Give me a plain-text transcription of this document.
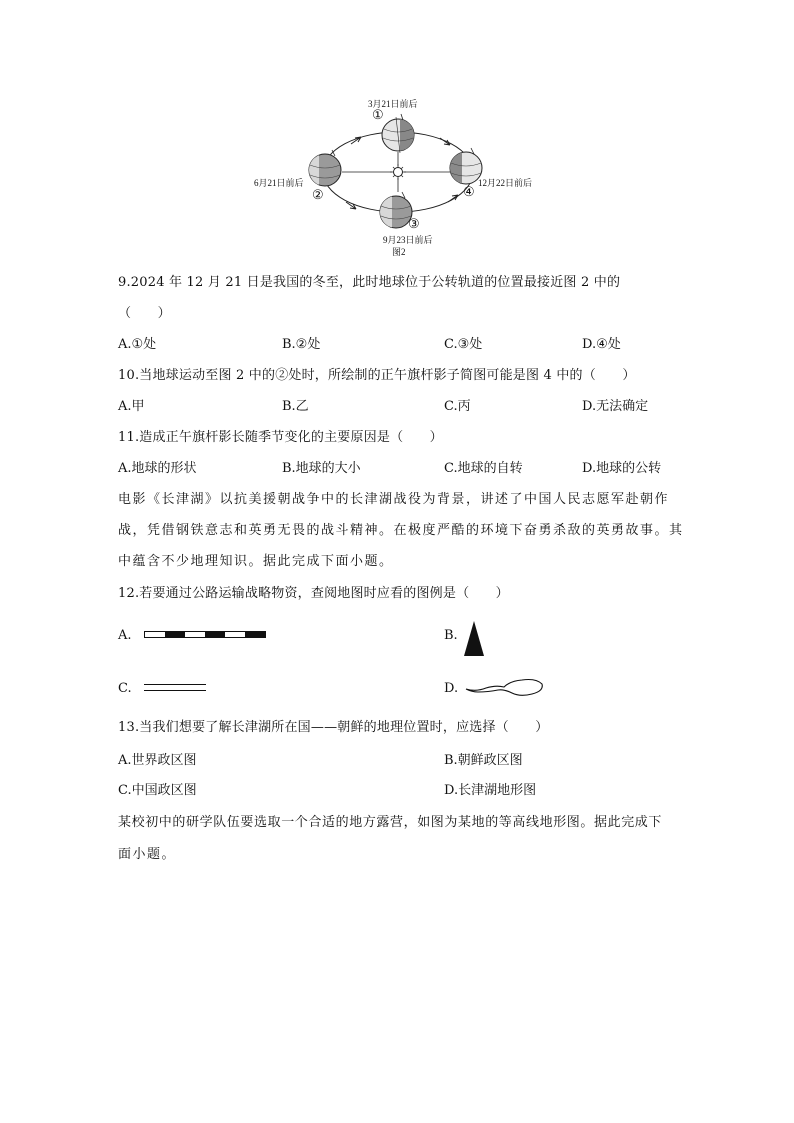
3月21日前后
①
6月21日前后
②
12月22日前后
④
③
9月23日前后
图2
9.2024 年 12 月 21 日是我国的冬至，此时地球位于公转轨道的位置最接近图 2 中的
（　　）
A.①处	B.②处	C.③处	D.④处
10.当地球运动至图 2 中的②处时，所绘制的正午旗杆影子简图可能是图 4 中的（　　）
A.甲	B.乙	C.丙	D.无法确定
11.造成正午旗杆影长随季节变化的主要原因是（　　）
A.地球的形状	B.地球的大小	C.地球的自转	D.地球的公转
电影《长津湖》以抗美援朝战争中的长津湖战役为背景，讲述了中国人民志愿军赴朝作
战，凭借钢铁意志和英勇无畏的战斗精神。在极度严酷的环境下奋勇杀敌的英勇故事。其
中蕴含不少地理知识。据此完成下面小题。
12.若要通过公路运输战略物资，查阅地图时应看的图例是（　　）
A.	B.
C.	D.
13.当我们想要了解长津湖所在国——朝鲜的地理位置时，应选择（　　）
A.世界政区图	B.朝鲜政区图
C.中国政区图	D.长津湖地形图
某校初中的研学队伍要选取一个合适的地方露营，如图为某地的等高线地形图。据此完成下
面小题。
